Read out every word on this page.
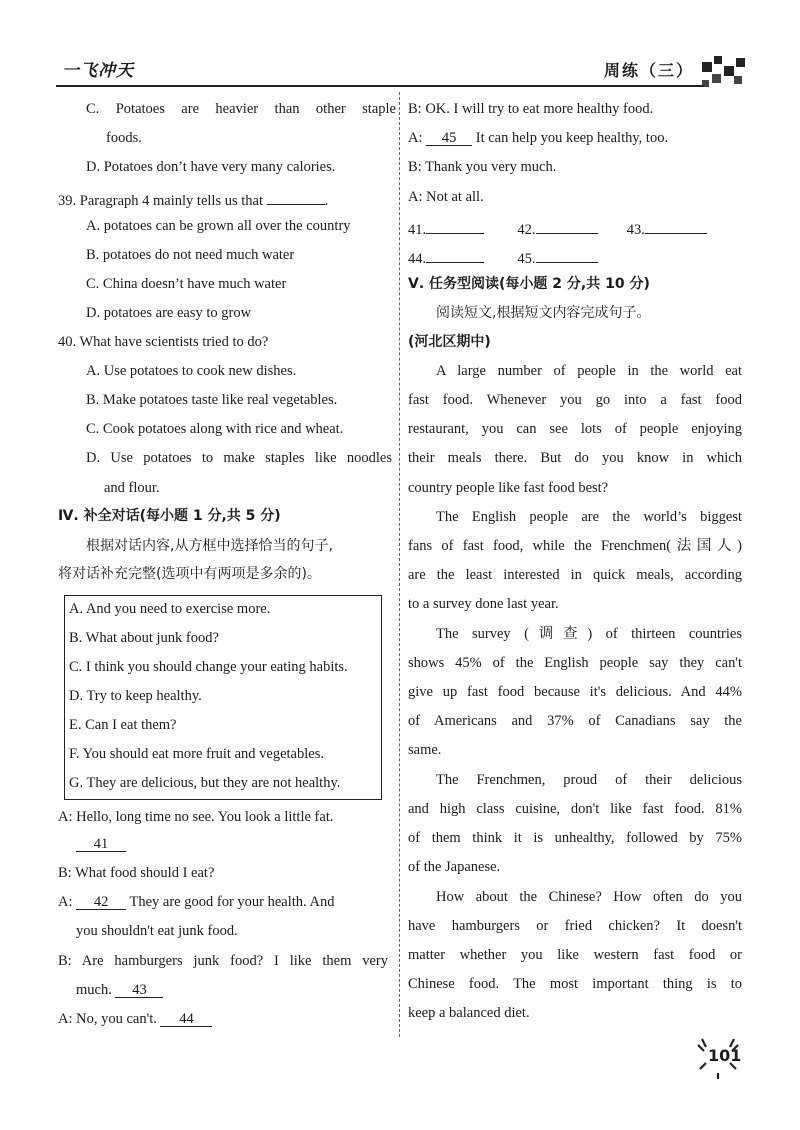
一飞冲天	周练（三）
C. Potatoes are heavier than other staple
foods.
D. Potatoes don’t have very many calories.
39. Paragraph 4 mainly tells us that	.
A. potatoes can be grown all over the country
B. potatoes do not need much water
C. China doesn’t have much water
D. potatoes are easy to grow
40. What have scientists tried to do?
A. Use potatoes to cook new dishes.
B. Make potatoes taste like real vegetables.
C. Cook potatoes along with rice and wheat.
D. Use potatoes to make staples like noodles
and flour.
Ⅳ. 补全对话(每小题 1 分,共 5 分)
根据对话内容,从方框中选择恰当的句子,
将对话补充完整(选项中有两项是多余的)。
A. And you need to exercise more.
B. What about junk food?
C. I think you should change your eating habits.
D. Try to keep healthy.
E. Can I eat them?
F. You should eat more fruit and vegetables.
G. They are delicious, but they are not healthy.
A: Hello, long time no see. You look a little fat.
41
B: What food should I eat?
A: 42 They are good for your health. And
you shouldn't eat junk food.
B: Are hamburgers junk food? I like them very
much. 43
A: No, you can't. 44
B: OK. I will try to eat more healthy food.
A: 45 It can help you keep healthy, too.
B: Thank you very much.
A: Not at all.
41.	42.	43.
44.	45.
Ⅴ. 任务型阅读(每小题 2 分,共 10 分)
阅读短文,根据短文内容完成句子。
(河北区期中)
A large number of people in the world eat
fast food. Whenever you go into a fast food
restaurant, you can see lots of people enjoying
their meals there. But do you know in which
country people like fast food best?
The English people are the world’s biggest
fans of fast food, while the Frenchmen(法国人)
are the least interested in quick meals, according
to a survey done last year.
The survey (调查) of thirteen countries
shows 45% of the English people say they can't
give up fast food because it's delicious. And 44%
of Americans and 37% of Canadians say the
same.
The Frenchmen, proud of their delicious
and high class cuisine, don't like fast food. 81%
of them think it is unhealthy, followed by 75%
of the Japanese.
How about the Chinese? How often do you
have hamburgers or fried chicken? It doesn't
matter whether you like western fast food or
Chinese food. The most important thing is to
keep a balanced diet.
101
